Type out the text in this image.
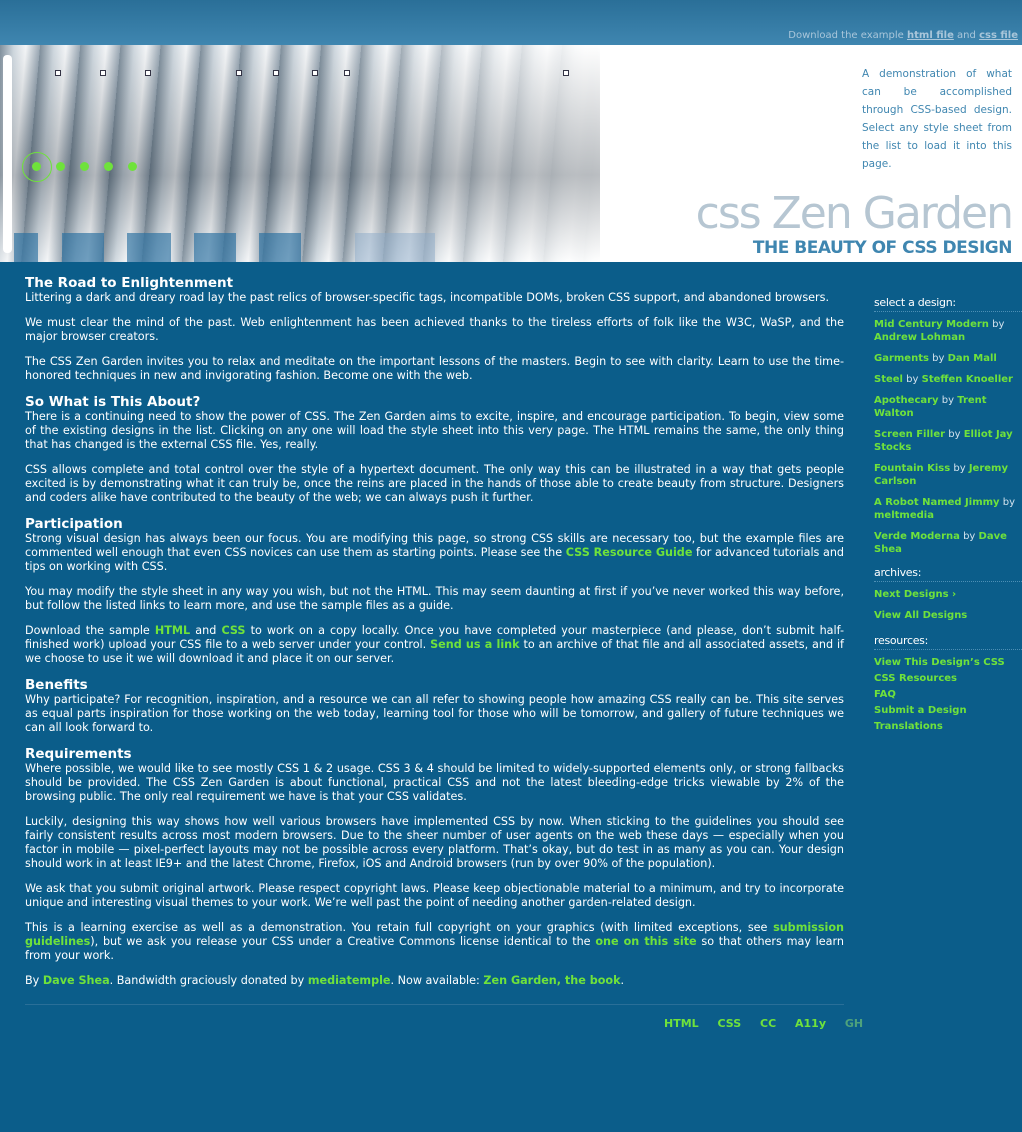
Download the example html file and css file
A demonstration of what can be accomplished through CSS-based design. Select any style sheet from the list to load it into this page.
css Zen Garden
THE BEAUTY OF CSS DESIGN
The Road to Enlightenment

Littering a dark and dreary road lay the past relics of browser-specific tags, incompatible DOMs, broken CSS support, and abandoned browsers.

We must clear the mind of the past. Web enlightenment has been achieved thanks to the tireless efforts of folk like the W3C, WaSP, and the major browser creators.

The CSS Zen Garden invites you to relax and meditate on the important lessons of the masters. Begin to see with clarity. Learn to use the time-honored techniques in new and invigorating fashion. Become one with the web.

So What is This About?

There is a continuing need to show the power of CSS. The Zen Garden aims to excite, inspire, and encourage participation. To begin, view some of the existing designs in the list. Clicking on any one will load the style sheet into this very page. The HTML remains the same, the only thing that has changed is the external CSS file. Yes, really.

CSS allows complete and total control over the style of a hypertext document. The only way this can be illustrated in a way that gets people excited is by demonstrating what it can truly be, once the reins are placed in the hands of those able to create beauty from structure. Designers and coders alike have contributed to the beauty of the web; we can always push it further.

Participation

Strong visual design has always been our focus. You are modifying this page, so strong CSS skills are necessary too, but the example files are commented well enough that even CSS novices can use them as starting points. Please see the CSS Resource Guide for advanced tutorials and tips on working with CSS.

You may modify the style sheet in any way you wish, but not the HTML. This may seem daunting at first if you’ve never worked this way before, but follow the listed links to learn more, and use the sample files as a guide.

Download the sample HTML and CSS to work on a copy locally. Once you have completed your masterpiece (and please, don’t submit half-finished work) upload your CSS file to a web server under your control. Send us a link to an archive of that file and all associated assets, and if we choose to use it we will download it and place it on our server.

Benefits

Why participate? For recognition, inspiration, and a resource we can all refer to showing people how amazing CSS really can be. This site serves as equal parts inspiration for those working on the web today, learning tool for those who will be tomorrow, and gallery of future techniques we can all look forward to.

Requirements

Where possible, we would like to see mostly CSS 1 & 2 usage. CSS 3 & 4 should be limited to widely-supported elements only, or strong fallbacks should be provided. The CSS Zen Garden is about functional, practical CSS and not the latest bleeding-edge tricks viewable by 2% of the browsing public. The only real requirement we have is that your CSS validates.

Luckily, designing this way shows how well various browsers have implemented CSS by now. When sticking to the guidelines you should see fairly consistent results across most modern browsers. Due to the sheer number of user agents on the web these days — especially when you factor in mobile — pixel-perfect layouts may not be possible across every platform. That’s okay, but do test in as many as you can. Your design should work in at least IE9+ and the latest Chrome, Firefox, iOS and Android browsers (run by over 90% of the population).

We ask that you submit original artwork. Please respect copyright laws. Please keep objectionable material to a minimum, and try to incorporate unique and interesting visual themes to your work. We’re well past the point of needing another garden-related design.

This is a learning exercise as well as a demonstration. You retain full copyright on your graphics (with limited exceptions, see submission guidelines), but we ask you release your CSS under a Creative Commons license identical to the one on this site so that others may learn from your work.

By Dave Shea. Bandwidth graciously donated by mediatemple. Now available: Zen Garden, the book.

HTML CSS CC A11y GH
select a design:
Mid Century Modern by Andrew Lohman
Garments by Dan Mall
Steel by Steffen Knoeller
Apothecary by Trent Walton
Screen Filler by Elliot Jay Stocks
Fountain Kiss by Jeremy Carlson
A Robot Named Jimmy by meltmedia
Verde Moderna by Dave Shea
archives:
Next Designs ›
View All Designs
resources:
View This Design’s CSS
CSS Resources
FAQ
Submit a Design
Translations
